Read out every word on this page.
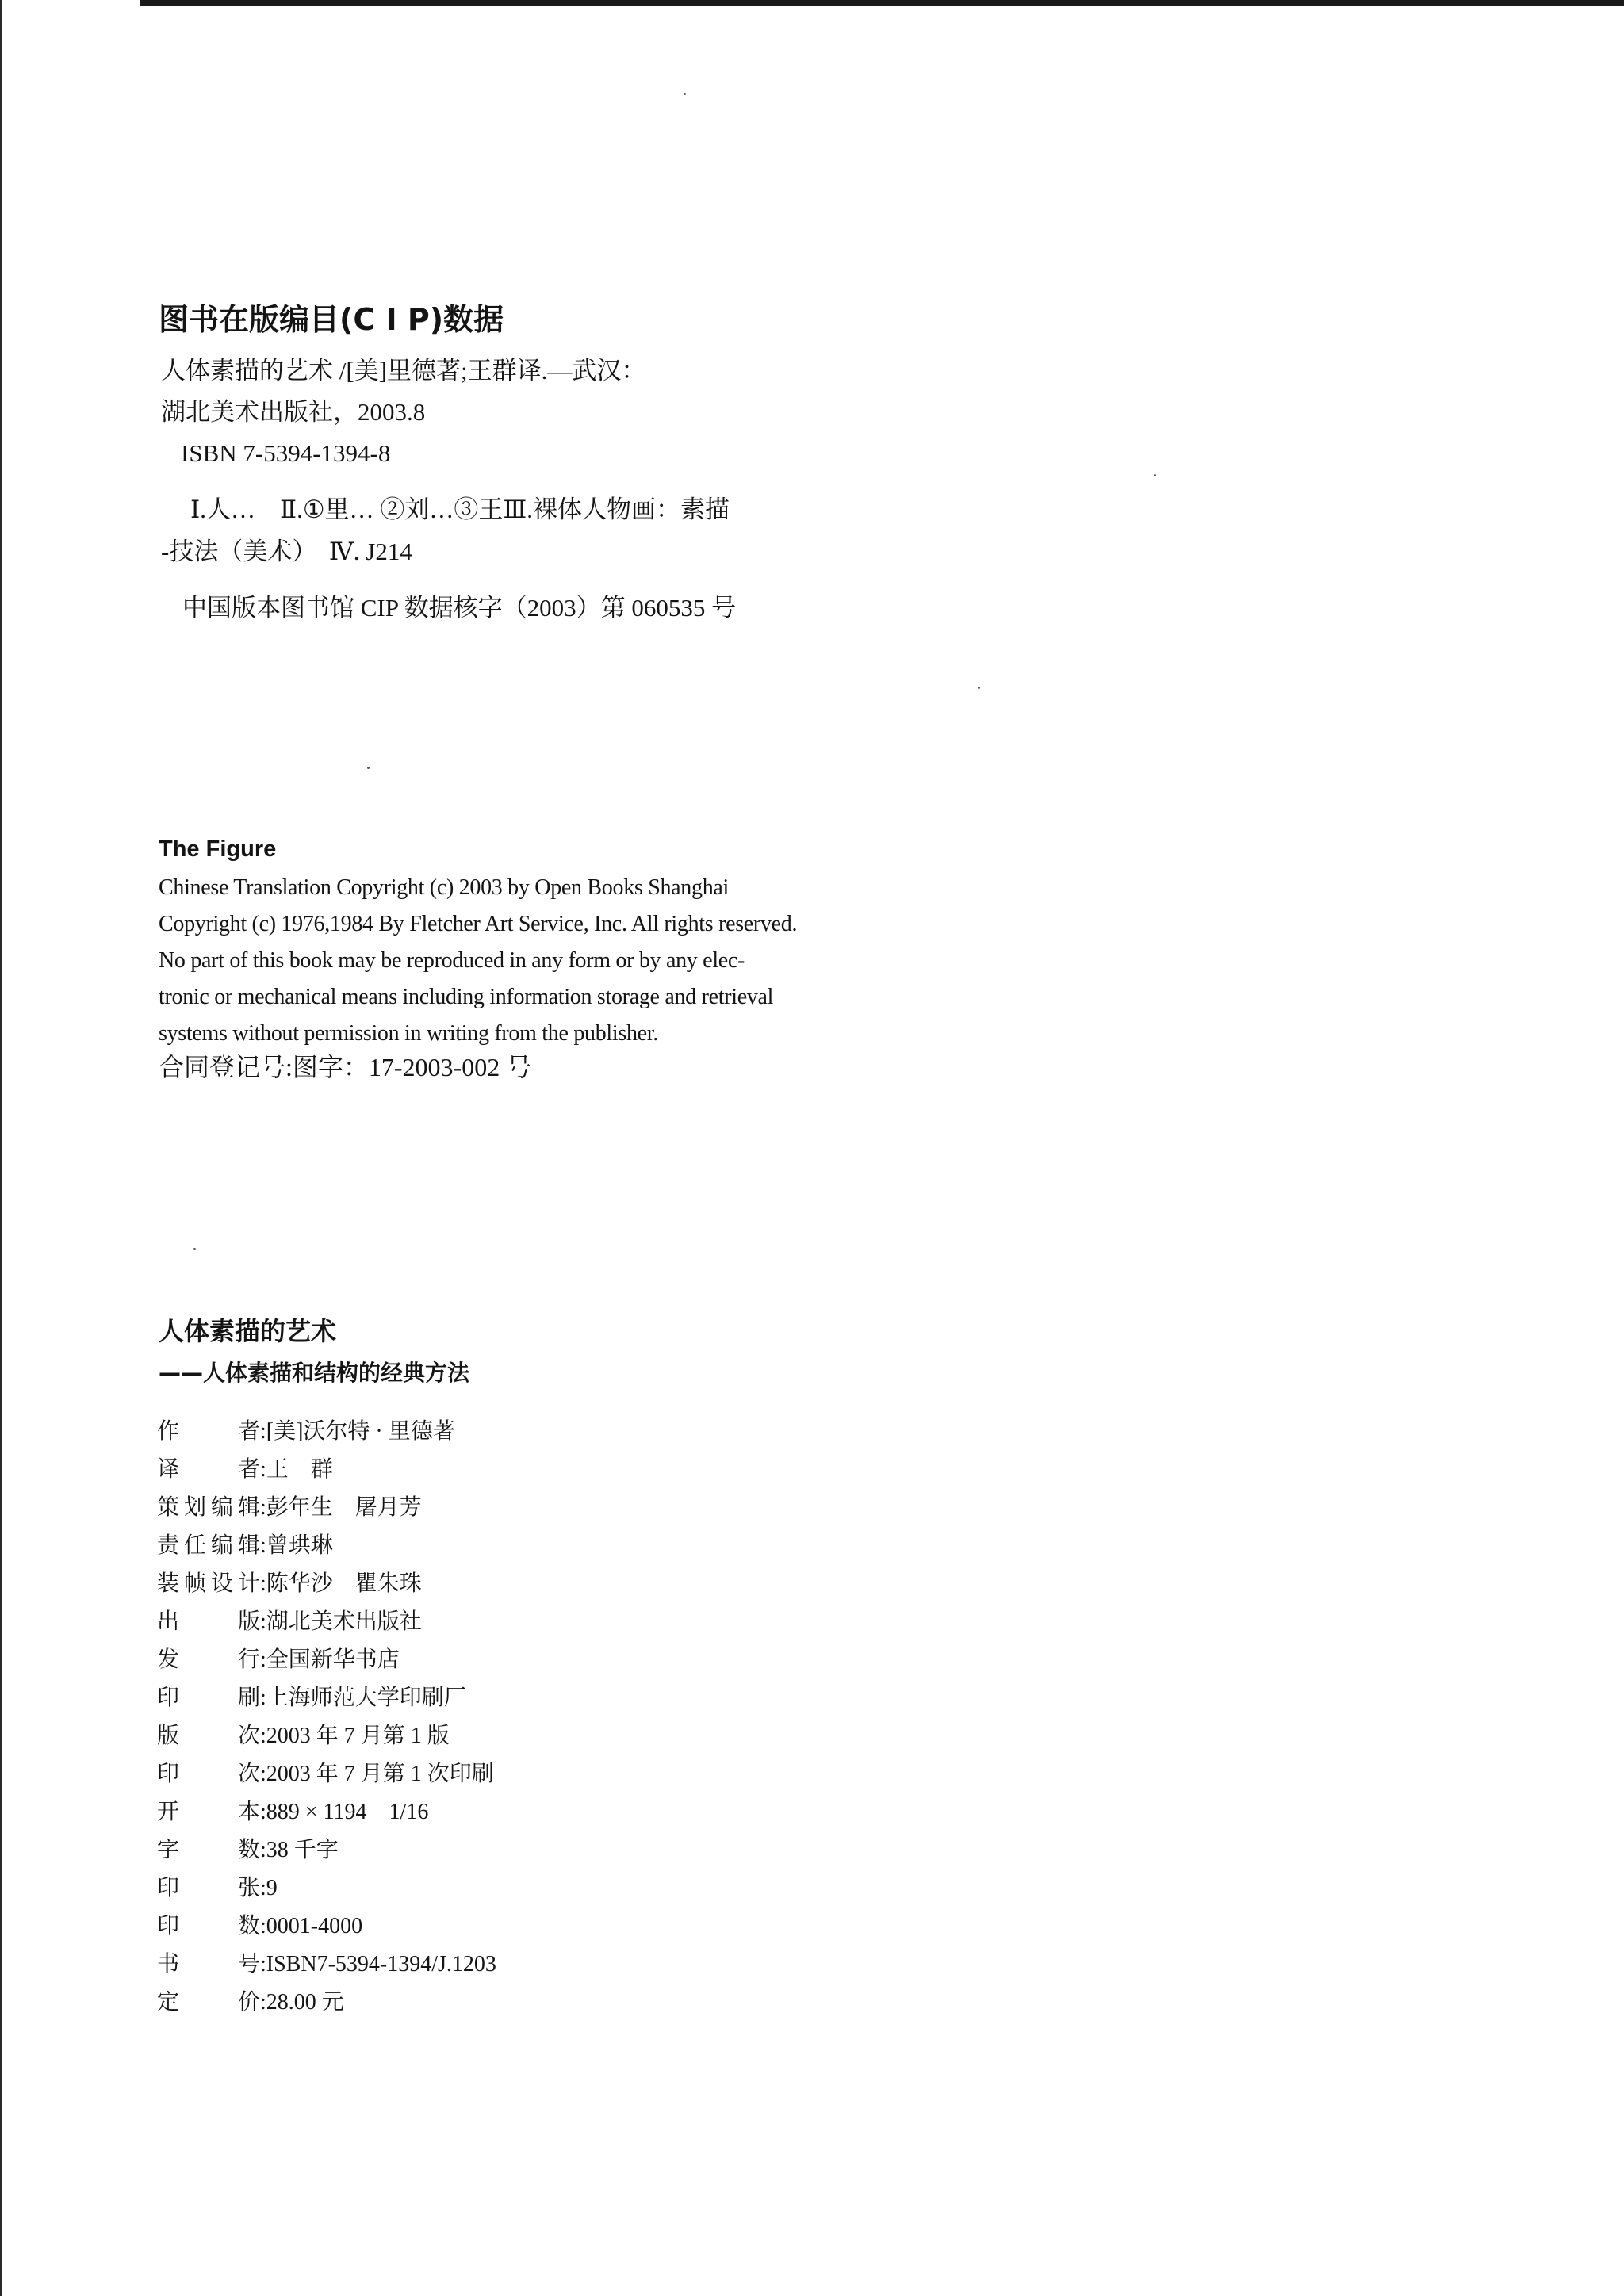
图书在版编目(C I P)数据

人体素描的艺术 /[美]里德著;王群译.—武汉：

湖北美术出版社，2003.8

ISBN 7-5394-1394-8

Ⅰ.人…　Ⅱ.①里… ②刘…③王Ⅲ.裸体人物画：素描

-技法（美术）　Ⅳ. J214

中国版本图书馆 CIP 数据核字（2003）第 060535 号

The Figure

Chinese Translation Copyright (c) 2003 by Open Books Shanghai

Copyright (c) 1976,1984 By Fletcher Art Service, Inc. All rights reserved.

No part of this book may be reproduced in any form or by any elec-

tronic or mechanical means including information storage and retrieval

systems without permission in writing from the publisher.

合同登记号:图字：17-2003-002 号

人体素描的艺术

——人体素描和结构的经典方法

作者:[美]沃尔特 · 里德著
译者:王　群
策划编辑:彭年生　屠月芳
责任编辑:曾珙琳
装帧设计:陈华沙　瞿朱珠
出版:湖北美术出版社
发行:全国新华书店
印刷:上海师范大学印刷厂
版次:2003 年 7 月第 1 版
印次:2003 年 7 月第 1 次印刷
开本:889 × 1194　1/16
字数:38 千字
印张:9
印数:0001-4000
书号:ISBN7-5394-1394/J.1203
定价:28.00 元
